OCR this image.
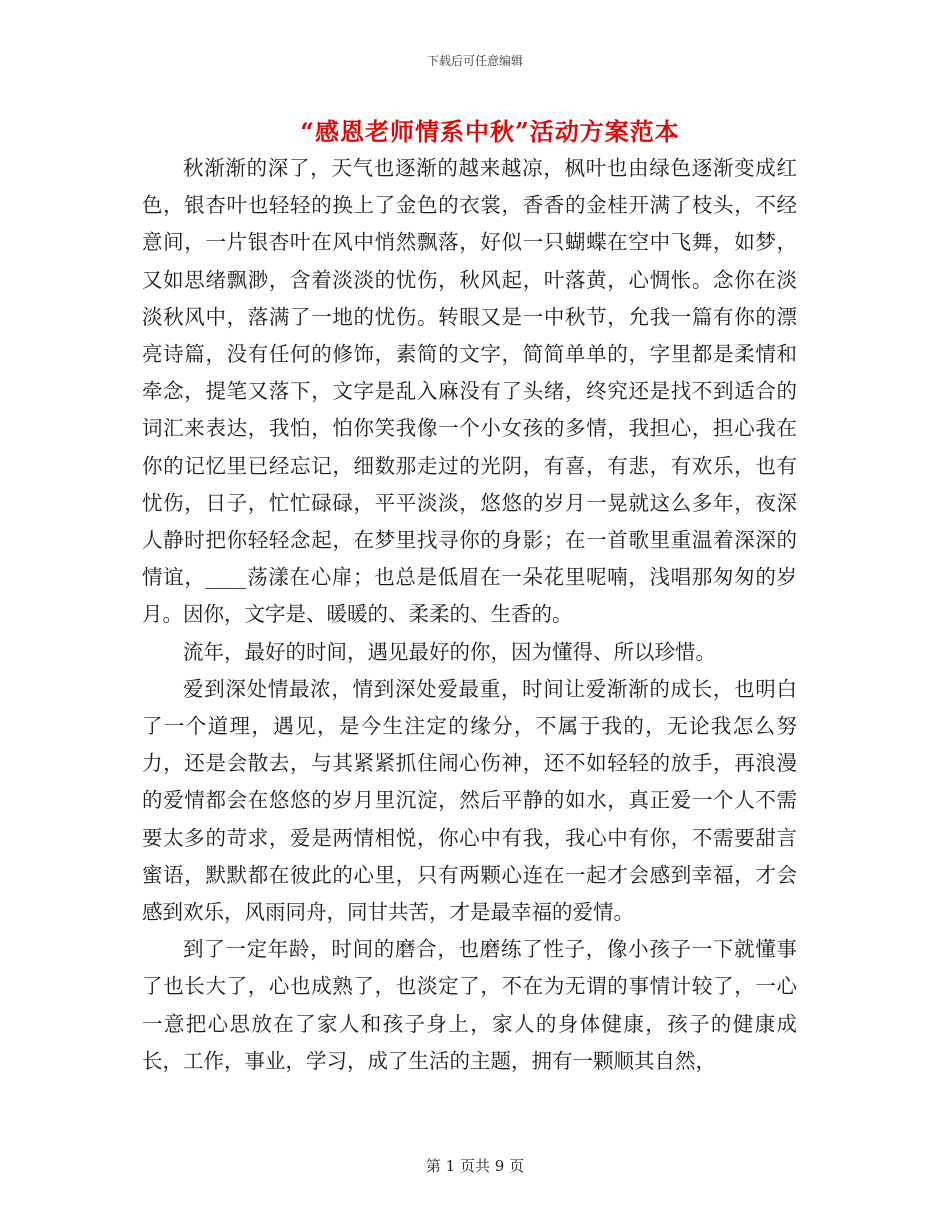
下载后可任意编辑
“感恩老师情系中秋”活动方案范本

秋渐渐的深了，天气也逐渐的越来越凉，枫叶也由绿色逐渐变成红色，银杏叶也轻轻的换上了金色的衣裳，香香的金桂开满了枝头，不经意间，一片银杏叶在风中悄然飘落，好似一只蝴蝶在空中飞舞，如梦，又如思绪飘渺，含着淡淡的忧伤，秋风起，叶落黄，心惆怅。念你在淡淡秋风中，落满了一地的忧伤。转眼又是一中秋节，允我一篇有你的漂亮诗篇，没有任何的修饰，素简的文字，简简单单的，字里都是柔情和牵念，提笔又落下，文字是乱入麻没有了头绪，终究还是找不到适合的词汇来表达，我怕，怕你笑我像一个小女孩的多情，我担心，担心我在你的记忆里已经忘记，细数那走过的光阴，有喜，有悲，有欢乐，也有忧伤，日子，忙忙碌碌，平平淡淡，悠悠的岁月一晃就这么多年，夜深人静时把你轻轻念起，在梦里找寻你的身影；在一首歌里重温着深深的情谊，____荡漾在心扉；也总是低眉在一朵花里呢喃，浅唱那匆匆的岁月。因你，文字是、暖暖的、柔柔的、生香的。

流年，最好的时间，遇见最好的你，因为懂得、所以珍惜。

爱到深处情最浓，情到深处爱最重，时间让爱渐渐的成长，也明白了一个道理，遇见，是今生注定的缘分，不属于我的，无论我怎么努力，还是会散去，与其紧紧抓住闹心伤神，还不如轻轻的放手，再浪漫的爱情都会在悠悠的岁月里沉淀，然后平静的如水，真正爱一个人不需要太多的苛求，爱是两情相悦，你心中有我，我心中有你，不需要甜言蜜语，默默都在彼此的心里，只有两颗心连在一起才会感到幸福，才会感到欢乐，风雨同舟，同甘共苦，才是最幸福的爱情。

到了一定年龄，时间的磨合，也磨练了性子，像小孩子一下就懂事了也长大了，心也成熟了，也淡定了，不在为无谓的事情计较了，一心一意把心思放在了家人和孩子身上，家人的身体健康，孩子的健康成长，工作，事业，学习，成了生活的主题，拥有一颗顺其自然，

第 1 页共 9 页
